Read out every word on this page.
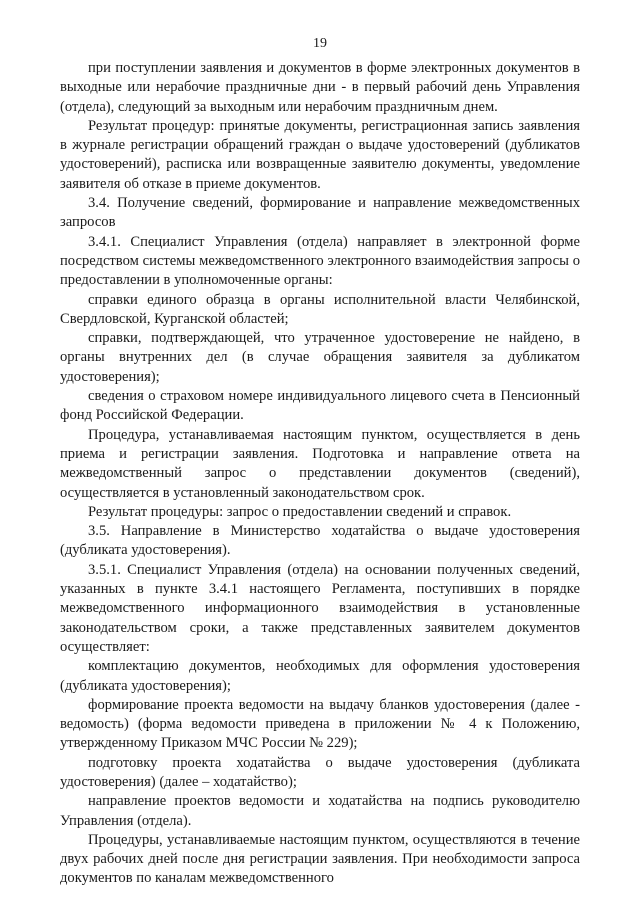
19

при поступлении заявления и документов в форме электронных документов в выходные или нерабочие праздничные дни - в первый рабочий день Управления (отдела), следующий за выходным или нерабочим праздничным днем.

Результат процедур: принятые документы, регистрационная запись заявления в журнале регистрации обращений граждан о выдаче удостоверений (дубликатов удостоверений), расписка или возвращенные заявителю документы, уведомление заявителя об отказе в приеме документов.

3.4. Получение сведений, формирование и направление межведомственных запросов

3.4.1. Специалист Управления (отдела) направляет в электронной форме посредством системы межведомственного электронного взаимодействия запросы о предоставлении в уполномоченные органы:

справки единого образца в органы исполнительной власти Челябинской, Свердловской, Курганской областей;

справки, подтверждающей, что утраченное удостоверение не найдено, в органы внутренних дел (в случае обращения заявителя за дубликатом удостоверения);

сведения о страховом номере индивидуального лицевого счета в Пенсионный фонд Российской Федерации.

Процедура, устанавливаемая настоящим пунктом, осуществляется в день приема и регистрации заявления. Подготовка и направление ответа на межведомственный запрос о представлении документов (сведений), осуществляется в установленный законодательством срок.

Результат процедуры: запрос о предоставлении сведений и справок.

3.5. Направление в Министерство ходатайства о выдаче удостоверения (дубликата удостоверения).

3.5.1. Специалист Управления (отдела) на основании полученных сведений, указанных в пункте 3.4.1 настоящего Регламента, поступивших в порядке межведомственного информационного взаимодействия в установленные законодательством сроки, а также представленных заявителем документов осуществляет:

комплектацию документов, необходимых для оформления удостоверения (дубликата удостоверения);

формирование проекта ведомости на выдачу бланков удостоверения (далее - ведомость) (форма ведомости приведена в приложении № 4 к Положению, утвержденному Приказом МЧС России № 229);

подготовку проекта ходатайства о выдаче удостоверения (дубликата удостоверения) (далее – ходатайство);

направление проектов ведомости и ходатайства на подпись руководителю Управления (отдела).

Процедуры, устанавливаемые настоящим пунктом, осуществляются в течение двух рабочих дней после дня регистрации заявления. При необходимости запроса документов по каналам межведомственного
